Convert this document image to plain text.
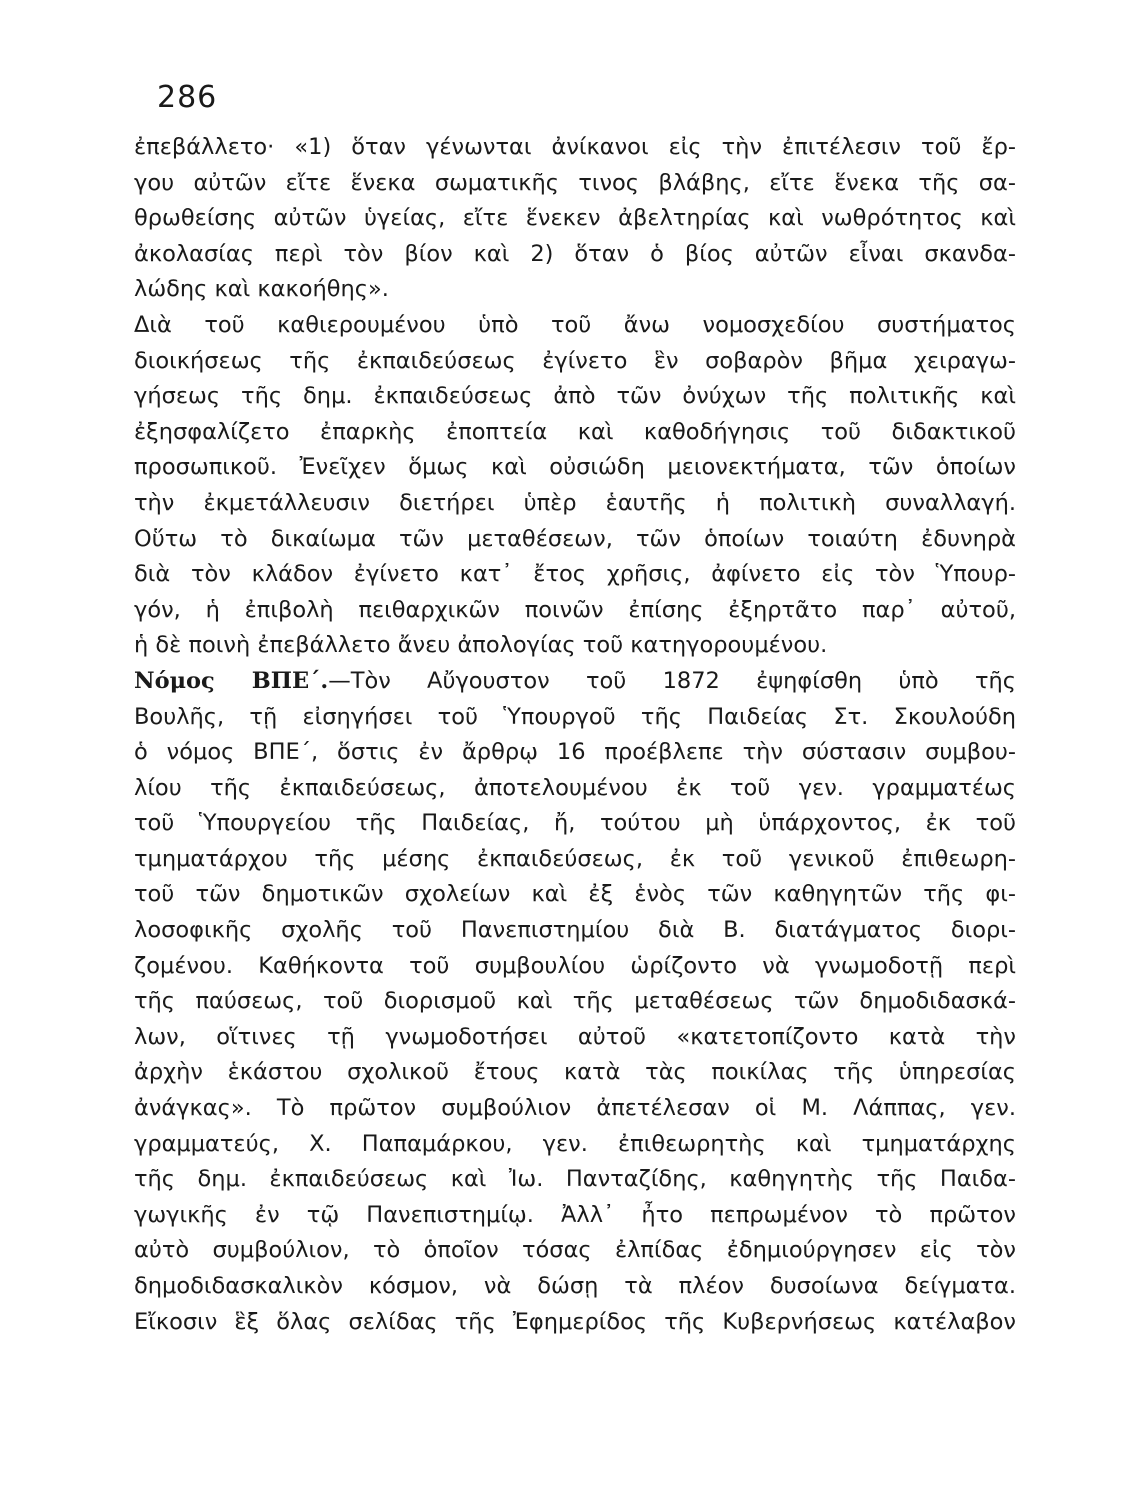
286
ἐπεβάλλετο· «1) ὅταν γένωνται ἀνίκανοι εἰς τὴν ἐπιτέλεσιν τοῦ ἔρ-
γου αὐτῶν εἴτε ἕνεκα σωματικῆς τινος βλάβης, εἴτε ἕνεκα τῆς σα-
θρωθείσης αὐτῶν ὑγείας, εἴτε ἕνεκεν ἀβελτηρίας καὶ νωθρότητος καὶ
ἀκολασίας περὶ τὸν βίον καὶ 2) ὅταν ὁ βίος αὐτῶν εἶναι σκανδα-
λώδης καὶ κακοήθης».
Διὰ τοῦ καθιερουμένου ὑπὸ τοῦ ἄνω νομοσχεδίου συστήματος
διοικήσεως τῆς ἐκπαιδεύσεως ἐγίνετο ἓν σοβαρὸν βῆμα χειραγω-
γήσεως τῆς δημ. ἐκπαιδεύσεως ἀπὸ τῶν ὀνύχων τῆς πολιτικῆς καὶ
ἐξησφαλίζετο ἐπαρκὴς ἐποπτεία καὶ καθοδήγησις τοῦ διδακτικοῦ
προσωπικοῦ. Ἐνεῖχεν ὅμως καὶ οὐσιώδη μειονεκτήματα, τῶν ὁποίων
τὴν ἐκμετάλλευσιν διετήρει ὑπὲρ ἑαυτῆς ἡ πολιτικὴ συναλλαγή.
Οὕτω τὸ δικαίωμα τῶν μεταθέσεων, τῶν ὁποίων τοιαύτη ἐδυνηρὰ
διὰ τὸν κλάδον ἐγίνετο κατ᾿ ἔτος χρῆσις, ἀφίνετο εἰς τὸν Ὑπουρ-
γόν, ἡ ἐπιβολὴ πειθαρχικῶν ποινῶν ἐπίσης ἐξηρτᾶτο παρ᾿ αὐτοῦ,
ἡ δὲ ποινὴ ἐπεβάλλετο ἄνευ ἀπολογίας τοῦ κατηγορουμένου.
Νόμος ΒΠΕ΄.—Τὸν Αὔγουστον τοῦ 1872 ἐψηφίσθη ὑπὸ τῆς
Βουλῆς, τῇ εἰσηγήσει τοῦ Ὑπουργοῦ τῆς Παιδείας Στ. Σκουλούδη
ὁ νόμος ΒΠΕ΄, ὅστις ἐν ἄρθρῳ 16 προέβλεπε τὴν σύστασιν συμβου-
λίου τῆς ἐκπαιδεύσεως, ἀποτελουμένου ἐκ τοῦ γεν. γραμματέως
τοῦ Ὑπουργείου τῆς Παιδείας, ἤ, τούτου μὴ ὑπάρχοντος, ἐκ τοῦ
τμηματάρχου τῆς μέσης ἐκπαιδεύσεως, ἐκ τοῦ γενικοῦ ἐπιθεωρη-
τοῦ τῶν δημοτικῶν σχολείων καὶ ἐξ ἑνὸς τῶν καθηγητῶν τῆς φι-
λοσοφικῆς σχολῆς τοῦ Πανεπιστημίου διὰ Β. διατάγματος διορι-
ζομένου. Καθήκοντα τοῦ συμβουλίου ὡρίζοντο νὰ γνωμοδοτῇ περὶ
τῆς παύσεως, τοῦ διορισμοῦ καὶ τῆς μεταθέσεως τῶν δημοδιδασκά-
λων, οἵτινες τῇ γνωμοδοτήσει αὐτοῦ «κατετοπίζοντο κατὰ τὴν
ἀρχὴν ἑκάστου σχολικοῦ ἔτους κατὰ τὰς ποικίλας τῆς ὑπηρεσίας
ἀνάγκας». Τὸ πρῶτον συμβούλιον ἀπετέλεσαν οἱ Μ. Λάππας, γεν.
γραμματεύς, Χ. Παπαμάρκου, γεν. ἐπιθεωρητὴς καὶ τμηματάρχης
τῆς δημ. ἐκπαιδεύσεως καὶ Ἰω. Πανταζίδης, καθηγητὴς τῆς Παιδα-
γωγικῆς ἐν τῷ Πανεπιστημίῳ. Ἀλλ᾿ ἦτο πεπρωμένον τὸ πρῶτον
αὐτὸ συμβούλιον, τὸ ὁποῖον τόσας ἐλπίδας ἐδημιούργησεν εἰς τὸν
δημοδιδασκαλικὸν κόσμον, νὰ δώσῃ τὰ πλέον δυσοίωνα δείγματα.
Εἴκοσιν ἓξ ὅλας σελίδας τῆς Ἐφημερίδος τῆς Κυβερνήσεως κατέλαβον
